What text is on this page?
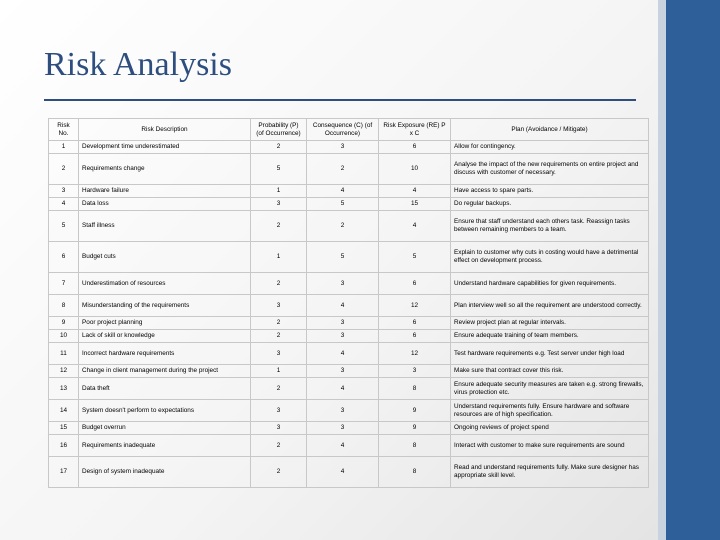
Risk Analysis
Risk No.	Risk Description	Probability (P) (of Occurrence)	Consequence (C) (of Occurrence)	Risk Exposure (RE) P x C	Plan (Avoidance / Mitigate)
1	Development time underestimated	2	3	6	Allow for contingency.
2	Requirements change	5	2	10	Analyse the impact of the new requirements on entire project and discuss with customer of necessary.
3	Hardware failure	1	4	4	Have access to spare parts.
4	Data loss	3	5	15	Do regular backups.
5	Staff illness	2	2	4	Ensure that staff understand each others task. Reassign tasks between remaining members to a team.
6	Budget cuts	1	5	5	Explain to customer why cuts in costing would have a detrimental effect on development process.
7	Underestimation of resources	2	3	6	Understand hardware capabilities for given requirements.
8	Misunderstanding of the requirements	3	4	12	Plan interview well so all the requirement are understood correctly.
9	Poor project planning	2	3	6	Review project plan at regular intervals.
10	Lack of skill or knowledge	2	3	6	Ensure adequate training of team members.
11	Incorrect hardware requirements	3	4	12	Test hardware requirements e.g. Test server under high load
12	Change in client management during the project	1	3	3	Make sure that contract cover this risk.
13	Data theft	2	4	8	Ensure adequate security measures are taken e.g. strong firewalls, virus protection etc.
14	System doesn't perform to expectations	3	3	9	Understand requirements fully. Ensure hardware and software resources are of high specification.
15	Budget overrun	3	3	9	Ongoing reviews of project spend
16	Requirements inadequate	2	4	8	Interact with customer to make sure requirements are sound
17	Design of system inadequate	2	4	8	Read and understand requirements fully. Make sure designer has appropriate skill level.
